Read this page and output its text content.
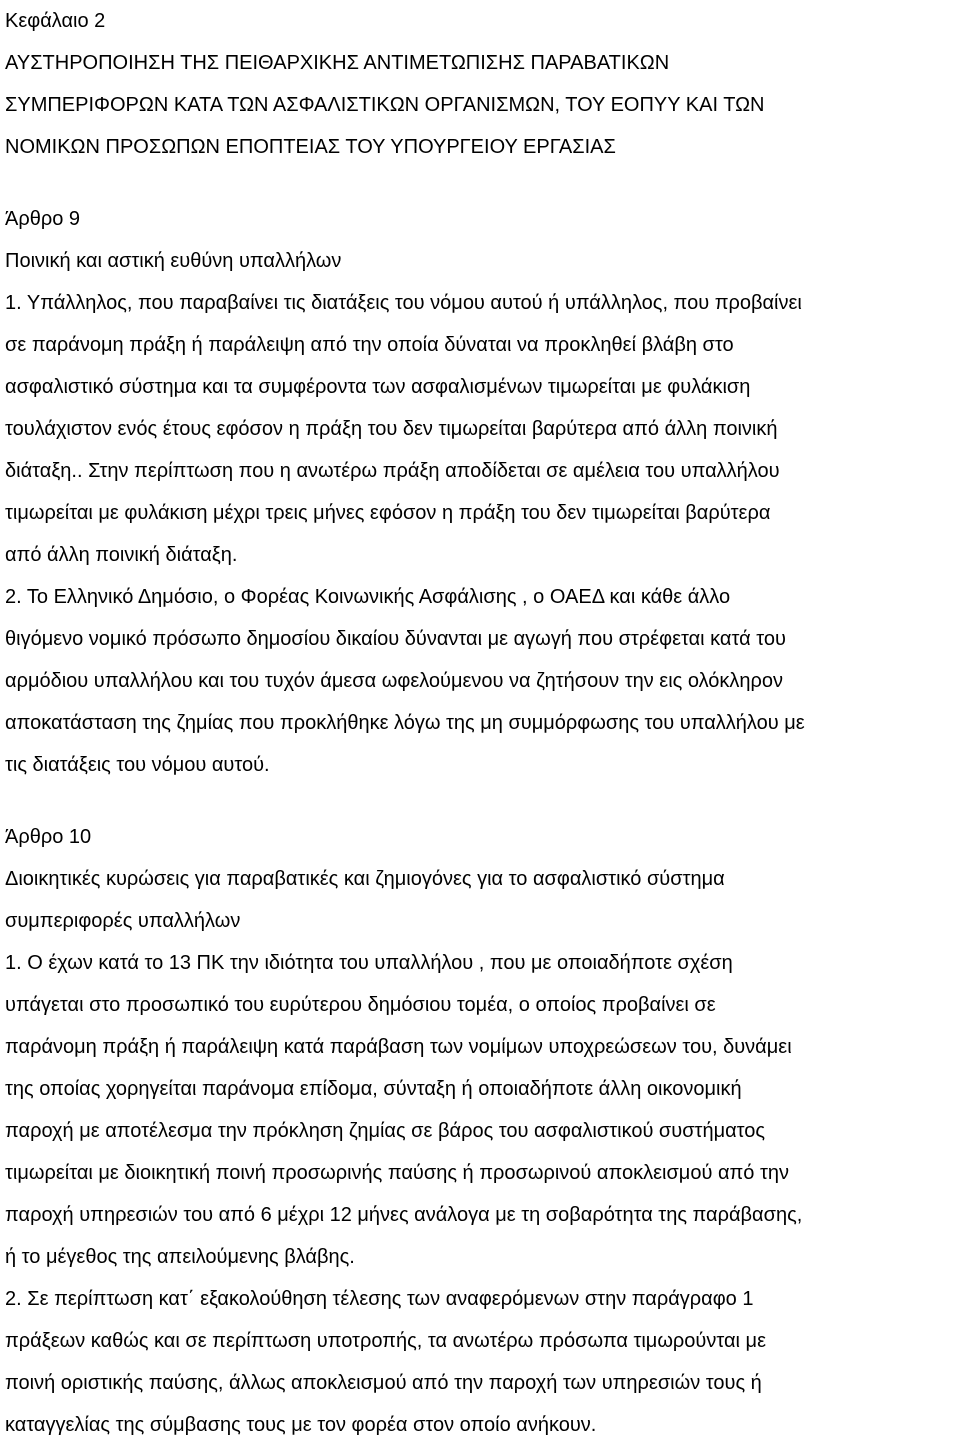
Κεφάλαιο 2
ΑΥΣΤΗΡΟΠΟΙΗΣΗ ΤΗΣ ΠΕΙΘΑΡΧΙΚΗΣ ΑΝΤΙΜΕΤΩΠΙΣΗΣ ΠΑΡΑΒΑΤΙΚΩΝ
ΣΥΜΠΕΡΙΦΟΡΩΝ ΚΑΤΑ ΤΩΝ ΑΣΦΑΛΙΣΤΙΚΩΝ ΟΡΓΑΝΙΣΜΩΝ, ΤΟΥ ΕΟΠΥΥ ΚΑΙ ΤΩΝ
ΝΟΜΙΚΩΝ ΠΡΟΣΩΠΩΝ ΕΠΟΠΤΕΙΑΣ ΤΟΥ ΥΠΟΥΡΓΕΙΟΥ ΕΡΓΑΣΙΑΣ
Άρθρο 9
Ποινική και αστική ευθύνη υπαλλήλων
1. Υπάλληλος, που παραβαίνει τις διατάξεις του νόμου αυτού ή υπάλληλος, που προβαίνει
σε παράνομη πράξη ή παράλειψη από την οποία δύναται να προκληθεί βλάβη στο
ασφαλιστικό σύστημα και τα συμφέροντα των ασφαλισμένων τιμωρείται με φυλάκιση
τουλάχιστον ενός έτους εφόσον η πράξη του δεν τιμωρείται βαρύτερα από άλλη ποινική
διάταξη.. Στην περίπτωση που η ανωτέρω πράξη αποδίδεται σε αμέλεια του υπαλλήλου
τιμωρείται με φυλάκιση μέχρι τρεις μήνες εφόσον η πράξη του δεν τιμωρείται βαρύτερα
από άλλη ποινική διάταξη.
2. Το Ελληνικό Δημόσιο, ο Φορέας Κοινωνικής Ασφάλισης , ο ΟΑΕΔ και κάθε άλλο
θιγόμενο νομικό πρόσωπο δημοσίου δικαίου δύνανται με αγωγή που στρέφεται κατά του
αρμόδιου υπαλλήλου και του τυχόν άμεσα ωφελούμενου να ζητήσουν την εις ολόκληρον
αποκατάσταση της ζημίας που προκλήθηκε λόγω της μη συμμόρφωσης του υπαλλήλου με
τις διατάξεις του νόμου αυτού.
Άρθρο 10
Διοικητικές κυρώσεις για παραβατικές και ζημιογόνες για το ασφαλιστικό σύστημα
συμπεριφορές υπαλλήλων
1. Ο έχων κατά το 13 ΠΚ την ιδιότητα του υπαλλήλου , που με οποιαδήποτε σχέση
υπάγεται στο προσωπικό του ευρύτερου δημόσιου τομέα, ο οποίος προβαίνει σε
παράνομη πράξη ή παράλειψη κατά παράβαση των νομίμων υποχρεώσεων του, δυνάμει
της οποίας χορηγείται παράνομα επίδομα, σύνταξη ή οποιαδήποτε άλλη οικονομική
παροχή με αποτέλεσμα την πρόκληση ζημίας σε βάρος του ασφαλιστικού συστήματος
τιμωρείται με διοικητική ποινή προσωρινής παύσης ή προσωρινού αποκλεισμού από την
παροχή υπηρεσιών του από 6 μέχρι 12 μήνες ανάλογα με τη σοβαρότητα της παράβασης,
ή το μέγεθος της απειλούμενης βλάβης.
2. Σε περίπτωση κατ΄ εξακολούθηση τέλεσης των αναφερόμενων στην παράγραφο 1
πράξεων καθώς και σε περίπτωση υποτροπής, τα ανωτέρω πρόσωπα τιμωρούνται με
ποινή οριστικής παύσης, άλλως αποκλεισμού από την παροχή των υπηρεσιών τους ή
καταγγελίας της σύμβασης τους με τον φορέα στον οποίο ανήκουν.
